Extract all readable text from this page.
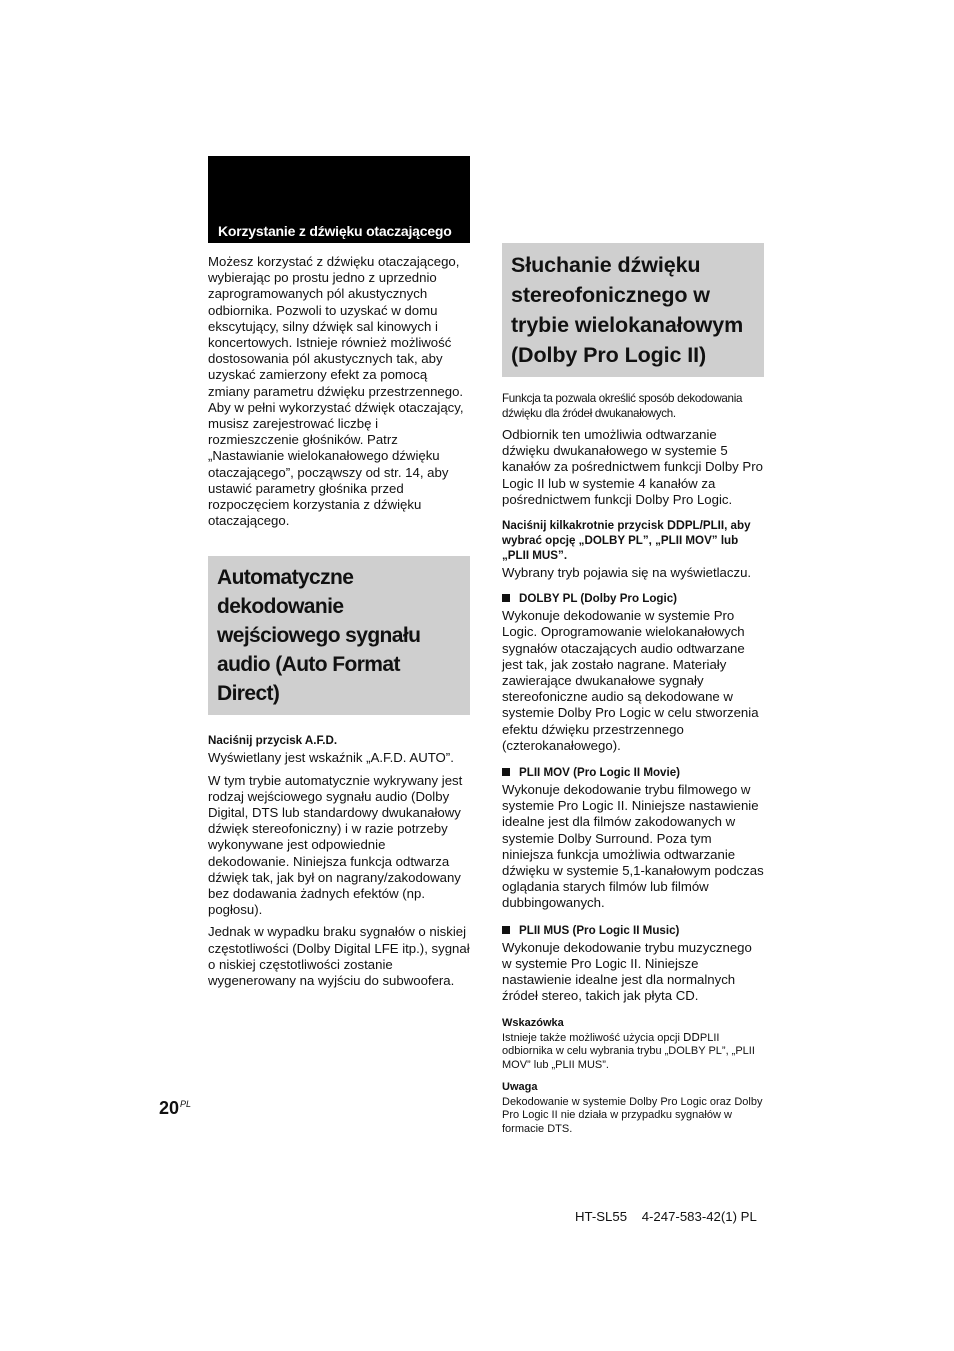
Korzystanie z dźwięku otaczającego

Możesz korzystać z dźwięku otaczającego, wybierając po prostu jedno z uprzednio zaprogramowanych pól akustycznych odbiornika. Pozwoli to uzyskać w domu ekscytujący, silny dźwięk sal kinowych i koncertowych. Istnieje również możliwość dostosowania pól akustycznych tak, aby uzyskać zamierzony efekt za pomocą zmiany parametru dźwięku przestrzennego.

Aby w pełni wykorzystać dźwięk otaczający, musisz zarejestrować liczbę i rozmieszczenie głośników. Patrz „Nastawianie wielokanałowego dźwięku otaczającego”, począwszy od str. 14, aby ustawić parametry głośnika przed rozpoczęciem korzystania z dźwięku otaczającego.

Automatyczne dekodowanie wejściowego sygnału audio (Auto Format Direct)

Naciśnij przycisk A.F.D.

Wyświetlany jest wskaźnik „A.F.D. AUTO”.

W tym trybie automatycznie wykrywany jest rodzaj wejściowego sygnału audio (Dolby Digital, DTS lub standardowy dwukanałowy dźwięk stereofoniczny) i w razie potrzeby wykonywane jest odpowiednie dekodowanie. Niniejsza funkcja odtwarza dźwięk tak, jak był on nagrany/zakodowany bez dodawania żadnych efektów (np. pogłosu).

Jednak w wypadku braku sygnałów o niskiej częstotliwości (Dolby Digital LFE itp.), sygnał o niskiej częstotliwości zostanie wygenerowany na wyjściu do subwoofera.

Słuchanie dźwięku stereofonicznego w trybie wielokanałowym (Dolby Pro Logic II)

Funkcja ta pozwala określić sposób dekodowania dźwięku dla źródeł dwukanałowych.

Odbiornik ten umożliwia odtwarzanie dźwięku dwukanałowego w systemie 5 kanałów za pośrednictwem funkcji Dolby Pro Logic II lub w systemie 4 kanałów za pośrednictwem funkcji Dolby Pro Logic.

Naciśnij kilkakrotnie przycisk ⅮⅮPL/PLII, aby wybrać opcję „DOLBY PL”, „PLII MOV” lub „PLII MUS”.

Wybrany tryb pojawia się na wyświetlaczu.

DOLBY PL (Dolby Pro Logic)

Wykonuje dekodowanie w systemie Pro Logic. Oprogramowanie wielokanałowych sygnałów otaczających audio odtwarzane jest tak, jak zostało nagrane. Materiały zawierające dwukanałowe sygnały stereofoniczne audio są dekodowane w systemie Dolby Pro Logic w celu stworzenia efektu dźwięku przestrzennego (czterokanałowego).

PLII MOV (Pro Logic II Movie)

Wykonuje dekodowanie trybu filmowego w systemie Pro Logic II. Niniejsze nastawienie idealne jest dla filmów zakodowanych w systemie Dolby Surround. Poza tym niniejsza funkcja umożliwia odtwarzanie dźwięku w systemie 5,1-kanałowym podczas oglądania starych filmów lub filmów dubbingowanych.

PLII MUS (Pro Logic II Music)

Wykonuje dekodowanie trybu muzycznego w systemie Pro Logic II. Niniejsze nastawienie idealne jest dla normalnych źródeł stereo, takich jak płyta CD.

Wskazówka

Istnieje także możliwość użycia opcji ⅮⅮPLII odbiornika w celu wybrania trybu „DOLBY PL”, „PLII MOV” lub „PLII MUS”.

Uwaga

Dekodowanie w systemie Dolby Pro Logic oraz Dolby Pro Logic II nie działa w przypadku sygnałów w formacie DTS.

$20^{PL}$
HT-SL55    4-247-583-42(1) PL
